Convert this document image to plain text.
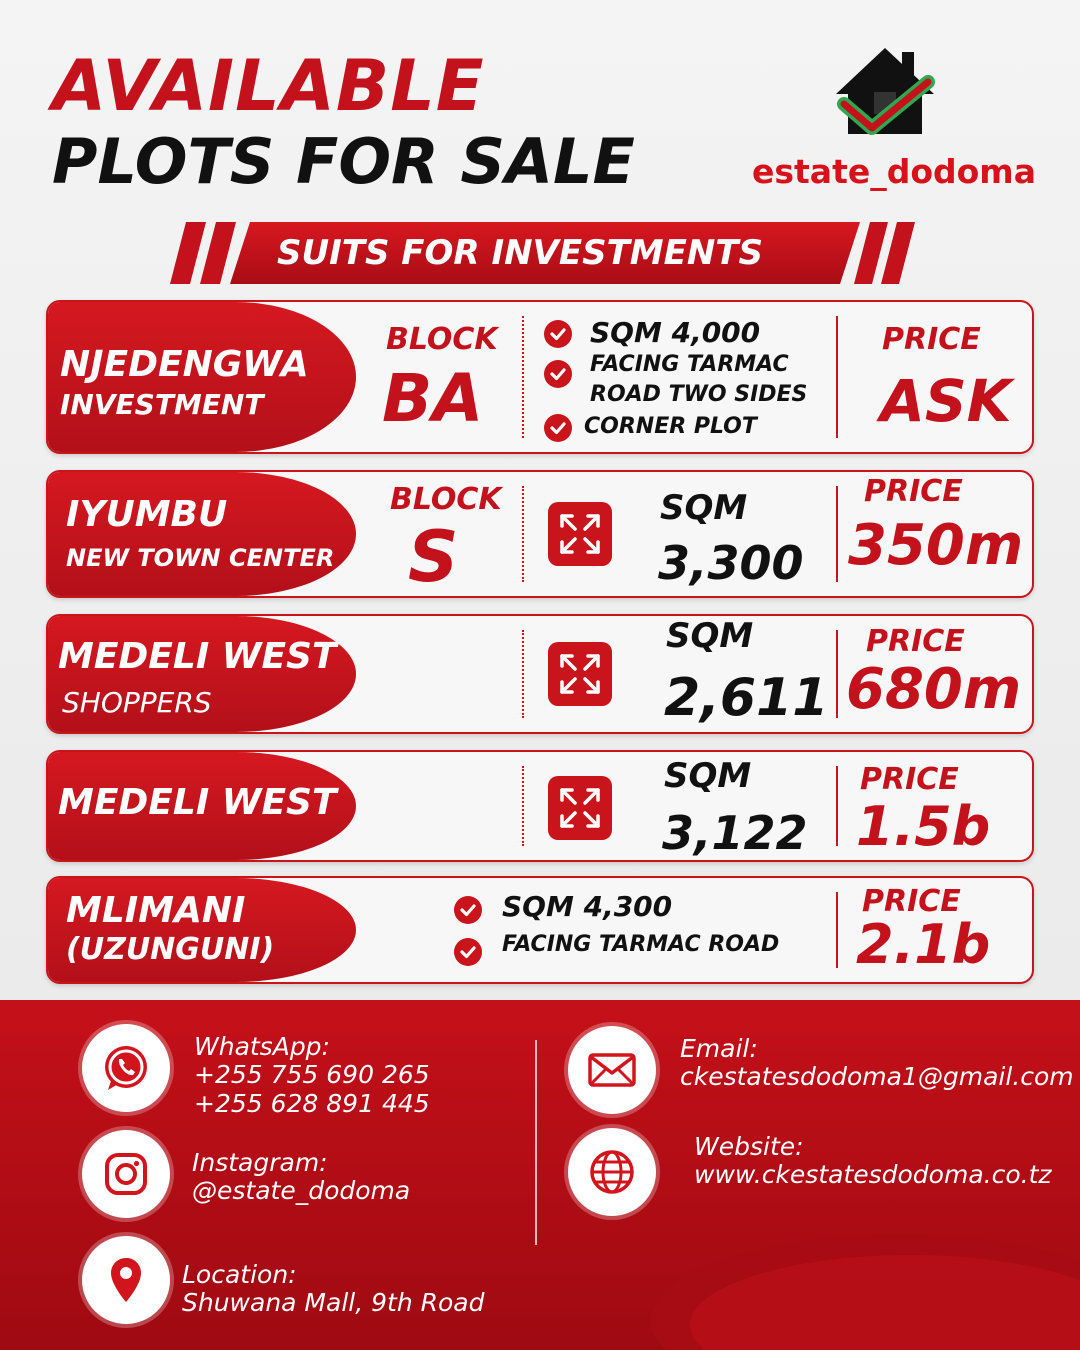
AVAILABLE
PLOTS FOR SALE	estate_dodoma
SUITS FOR INVESTMENTS
NJEDENGWA
INVESTMENT
BLOCK
BA
SQM 4,000
FACING TARMAC
ROAD TWO SIDES
CORNER PLOT
PRICE
ASK
IYUMBU
NEW TOWN CENTER
BLOCK
S
SQM
3,300
PRICE
350m
MEDELI WEST
SHOPPERS
SQM
2,611
PRICE
680m
MEDELI WEST
SQM
3,122
PRICE
1.5b
MLIMANI
(UZUNGUNI)
SQM 4,300
FACING TARMAC ROAD
PRICE
2.1b
WhatsApp:
+255 755 690 265
+255 628 891 445
Instagram:
@estate_dodoma
Location:
Shuwana Mall, 9th Road
Email:
ckestatesdodoma1@gmail.com
Website:
www.ckestatesdodoma.co.tz
